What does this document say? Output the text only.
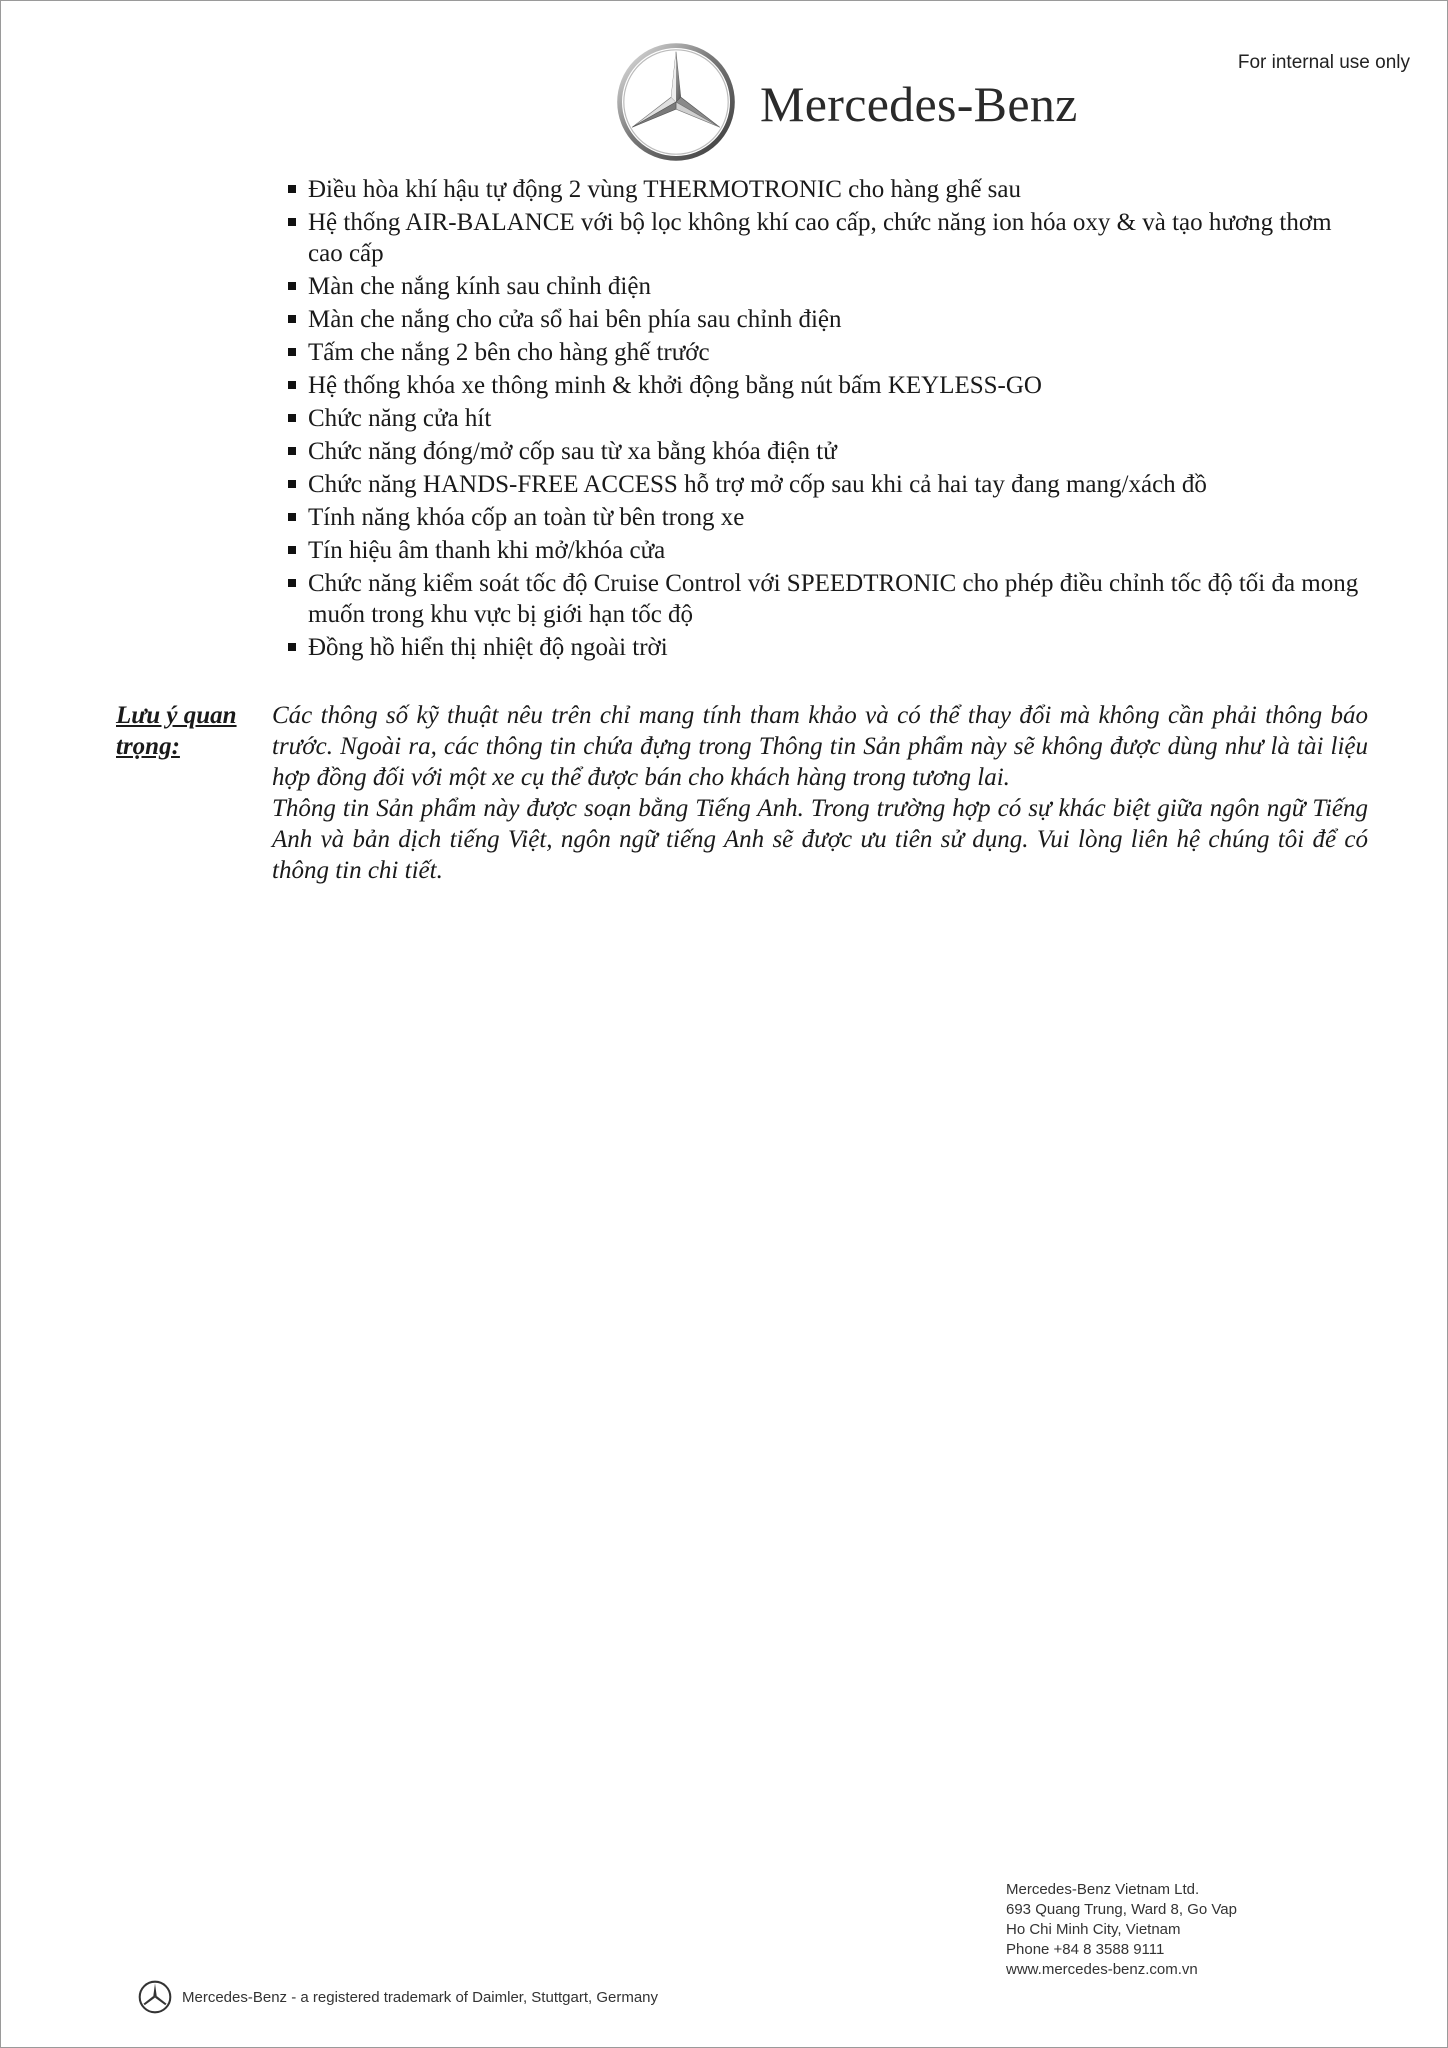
For internal use only
Mercedes-Benz
Điều hòa khí hậu tự động 2 vùng THERMOTRONIC cho hàng ghế sau
Hệ thống AIR-BALANCE với bộ lọc không khí cao cấp, chức năng ion hóa oxy & và tạo hương thơm cao cấp
Màn che nắng kính sau chỉnh điện
Màn che nắng cho cửa sổ hai bên phía sau chỉnh điện
Tấm che nắng 2 bên cho hàng ghế trước
Hệ thống khóa xe thông minh & khởi động bằng nút bấm KEYLESS-GO
Chức năng cửa hít
Chức năng đóng/mở cốp sau từ xa bằng khóa điện tử
Chức năng HANDS-FREE ACCESS hỗ trợ mở cốp sau khi cả hai tay đang mang/xách đồ
Tính năng khóa cốp an toàn từ bên trong xe
Tín hiệu âm thanh khi mở/khóa cửa
Chức năng kiểm soát tốc độ Cruise Control với SPEEDTRONIC cho phép điều chỉnh tốc độ tối đa mong muốn trong khu vực bị giới hạn tốc độ
Đồng hồ hiển thị nhiệt độ ngoài trời
Lưu ý quan trọng:

Các thông số kỹ thuật nêu trên chỉ mang tính tham khảo và có thể thay đổi mà không cần phải thông báo trước. Ngoài ra, các thông tin chứa đựng trong Thông tin Sản phẩm này sẽ không được dùng như là tài liệu hợp đồng đối với một xe cụ thể được bán cho khách hàng trong tương lai.

Thông tin Sản phẩm này được soạn bằng Tiếng Anh. Trong trường hợp có sự khác biệt giữa ngôn ngữ Tiếng Anh và bản dịch tiếng Việt, ngôn ngữ tiếng Anh sẽ được ưu tiên sử dụng. Vui lòng liên hệ chúng tôi để có thông tin chi tiết.

Mercedes-Benz Vietnam Ltd.
693 Quang Trung, Ward 8, Go Vap
Ho Chi Minh City, Vietnam
Phone +84 8 3588 9111
www.mercedes-benz.com.vn
Mercedes-Benz - a registered trademark of Daimler, Stuttgart, Germany
